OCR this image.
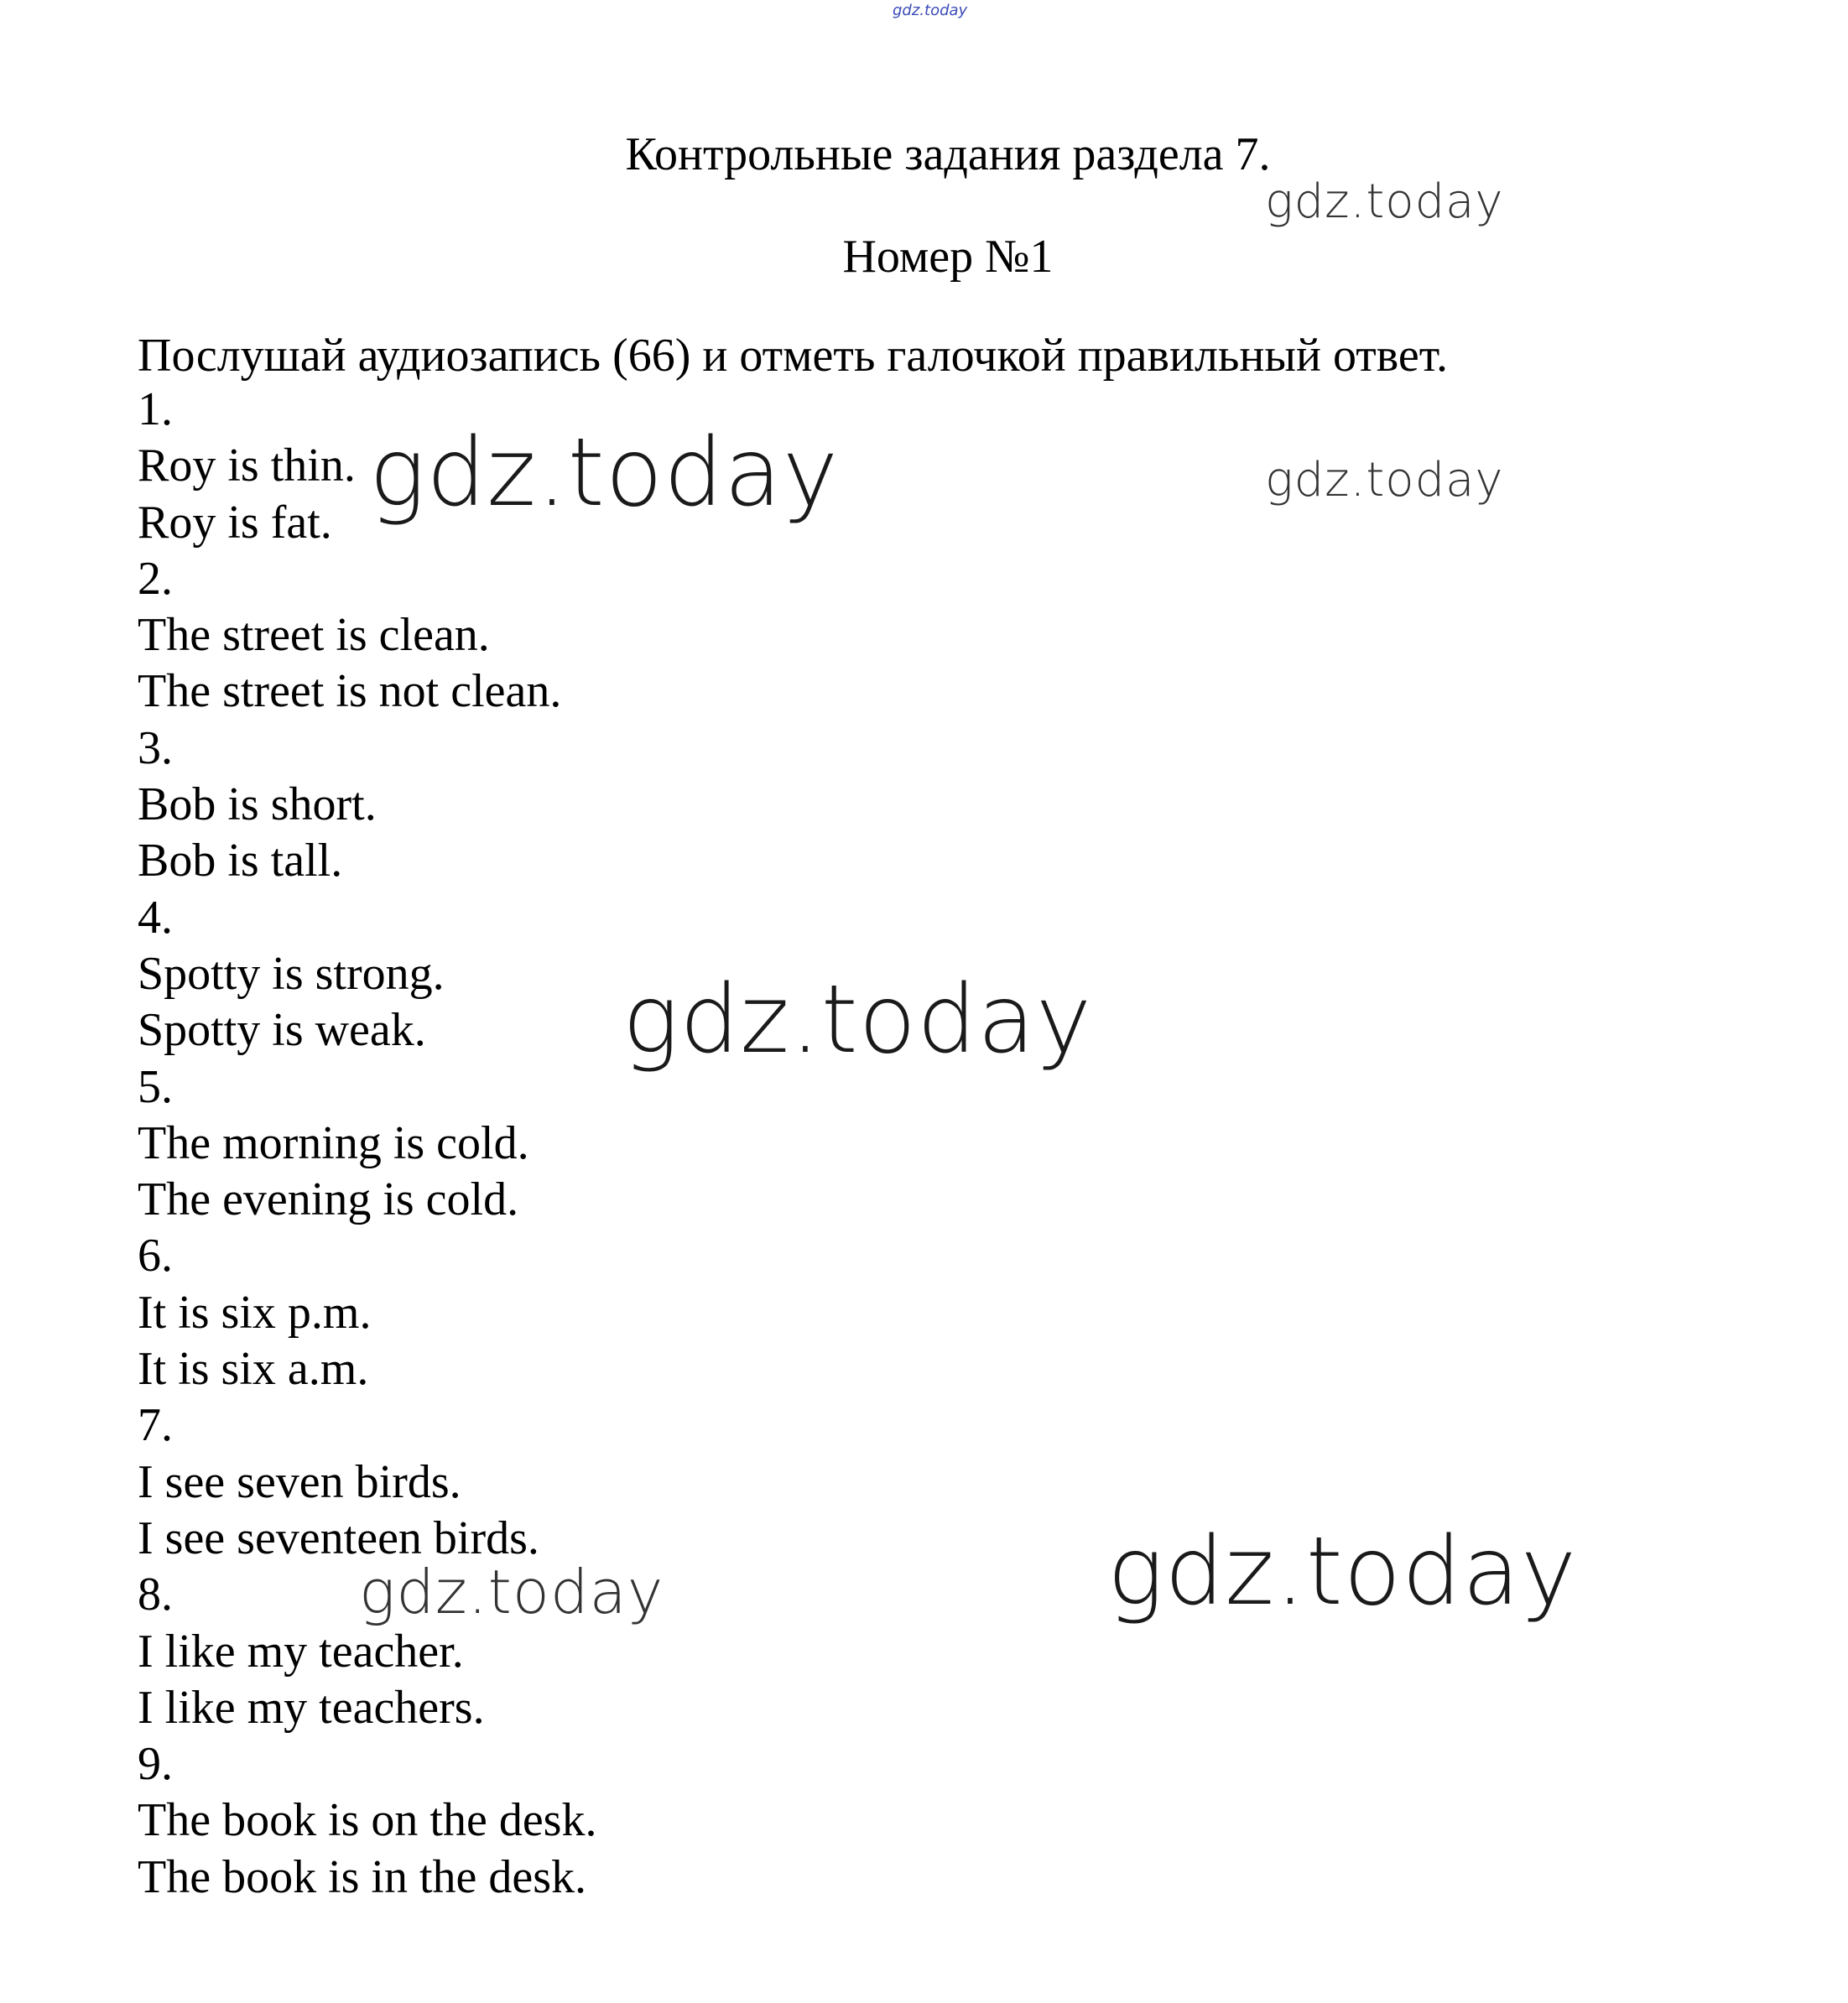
Контрольные задания раздела 7.
Номер №1
Послушай аудиозапись (66) и отметь галочкой правильный ответ.
1.
Roy is thin.
Roy is fat.
2.
The street is clean.
The street is not clean.
3.
Bob is short.
Bob is tall.
4.
Spotty is strong.
Spotty is weak.
5.
The morning is cold.
The evening is cold.
6.
It is six p.m.
It is six a.m.
7.
I see seven birds.
I see seventeen birds.
8.
I like my teacher.
I like my teachers.
9.
The book is on the desk.
The book is in the desk.
gdz.today
gdz.today
gdz.today
gdz.today
gdz.today
gdz.today
gdz.today
